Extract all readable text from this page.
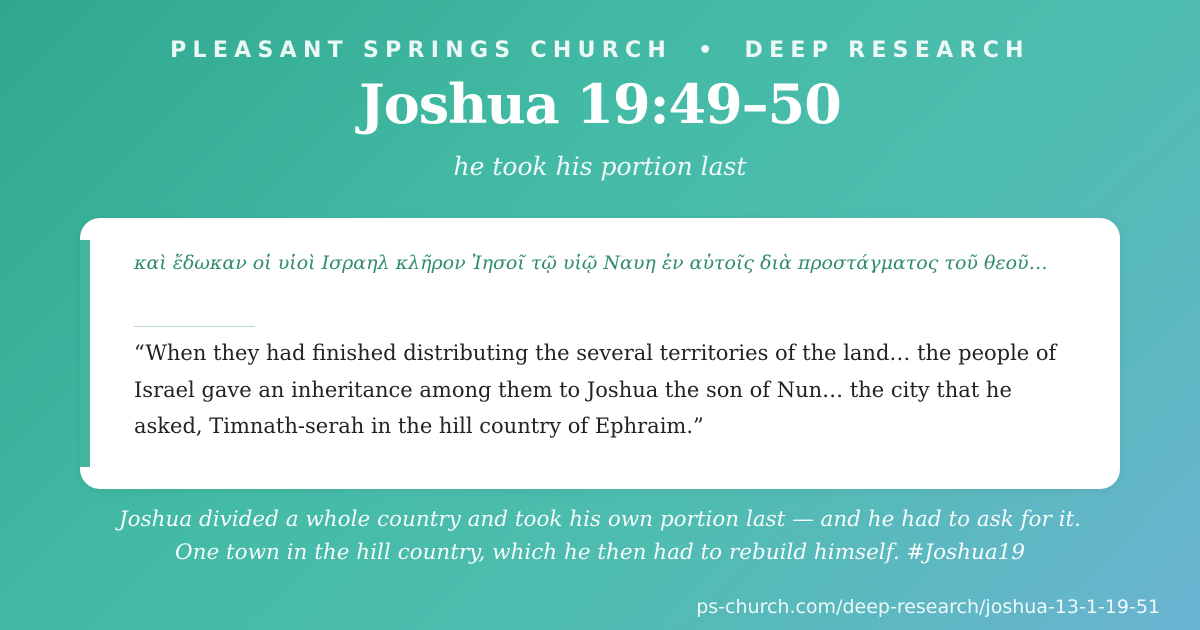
PLEASANT SPRINGS CHURCH • DEEP RESEARCH
Joshua 19:49–50
he took his portion last
καὶ ἔδωκαν οἱ υἱοὶ Ισραηλ κλῆρον Ἰησοῖ τῷ υἱῷ Ναυη ἐν αὐτοῖς διὰ προστάγματος τοῦ θεοῦ…
“When they had finished distributing the several territories of the land… the people of Israel gave an inheritance among them to Joshua the son of Nun… the city that he asked, Timnath-serah in the hill country of Ephraim.”
Joshua divided a whole country and took his own portion last — and he had to ask for it.
One town in the hill country, which he then had to rebuild himself. #Joshua19
ps-church.com/deep-research/joshua-13-1-19-51
